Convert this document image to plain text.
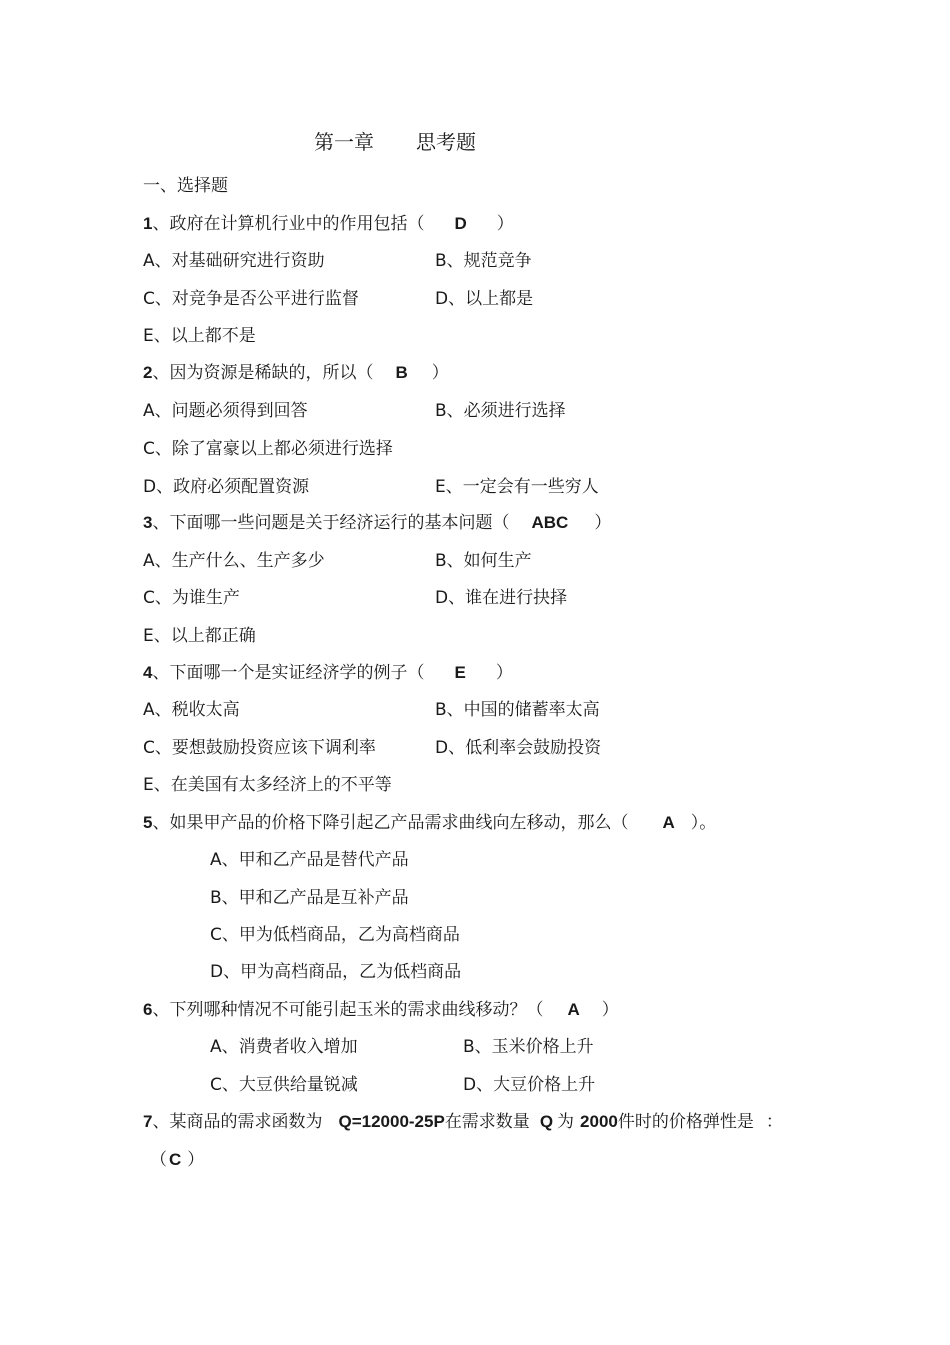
第一章 思考题
一、选择题
1、政府在计算机行业中的作用包括（ D ）
A、对基础研究进行资助	B、规范竞争
C、对竞争是否公平进行监督	D、以上都是
E、以上都不是
2、因为资源是稀缺的，所以（ B ）
A、问题必须得到回答	B、必须进行选择
C、除了富豪以上都必须进行选择
D、政府必须配置资源	E、一定会有一些穷人
3、下面哪一些问题是关于经济运行的基本问题（ ABC ）
A、生产什么、生产多少	B、如何生产
C、为谁生产	D、谁在进行抉择
E、以上都正确
4、下面哪一个是实证经济学的例子（ E ）
A、税收太高	B、中国的储蓄率太高
C、要想鼓励投资应该下调利率	D、低利率会鼓励投资
E、在美国有太多经济上的不平等
5、如果甲产品的价格下降引起乙产品需求曲线向左移动，那么（ A ）。
A、甲和乙产品是替代产品
B、甲和乙产品是互补产品
C、甲为低档商品，乙为高档商品
D、甲为高档商品，乙为低档商品
6、下列哪种情况不可能引起玉米的需求曲线移动？（ A ）
A、消费者收入增加	B、玉米价格上升
C、大豆供给量锐减	D、大豆价格上升
7、某商品的需求函数为 Q=12000-25P在需求数量 Q 为 2000件时的价格弹性是 ：
（ C ）
